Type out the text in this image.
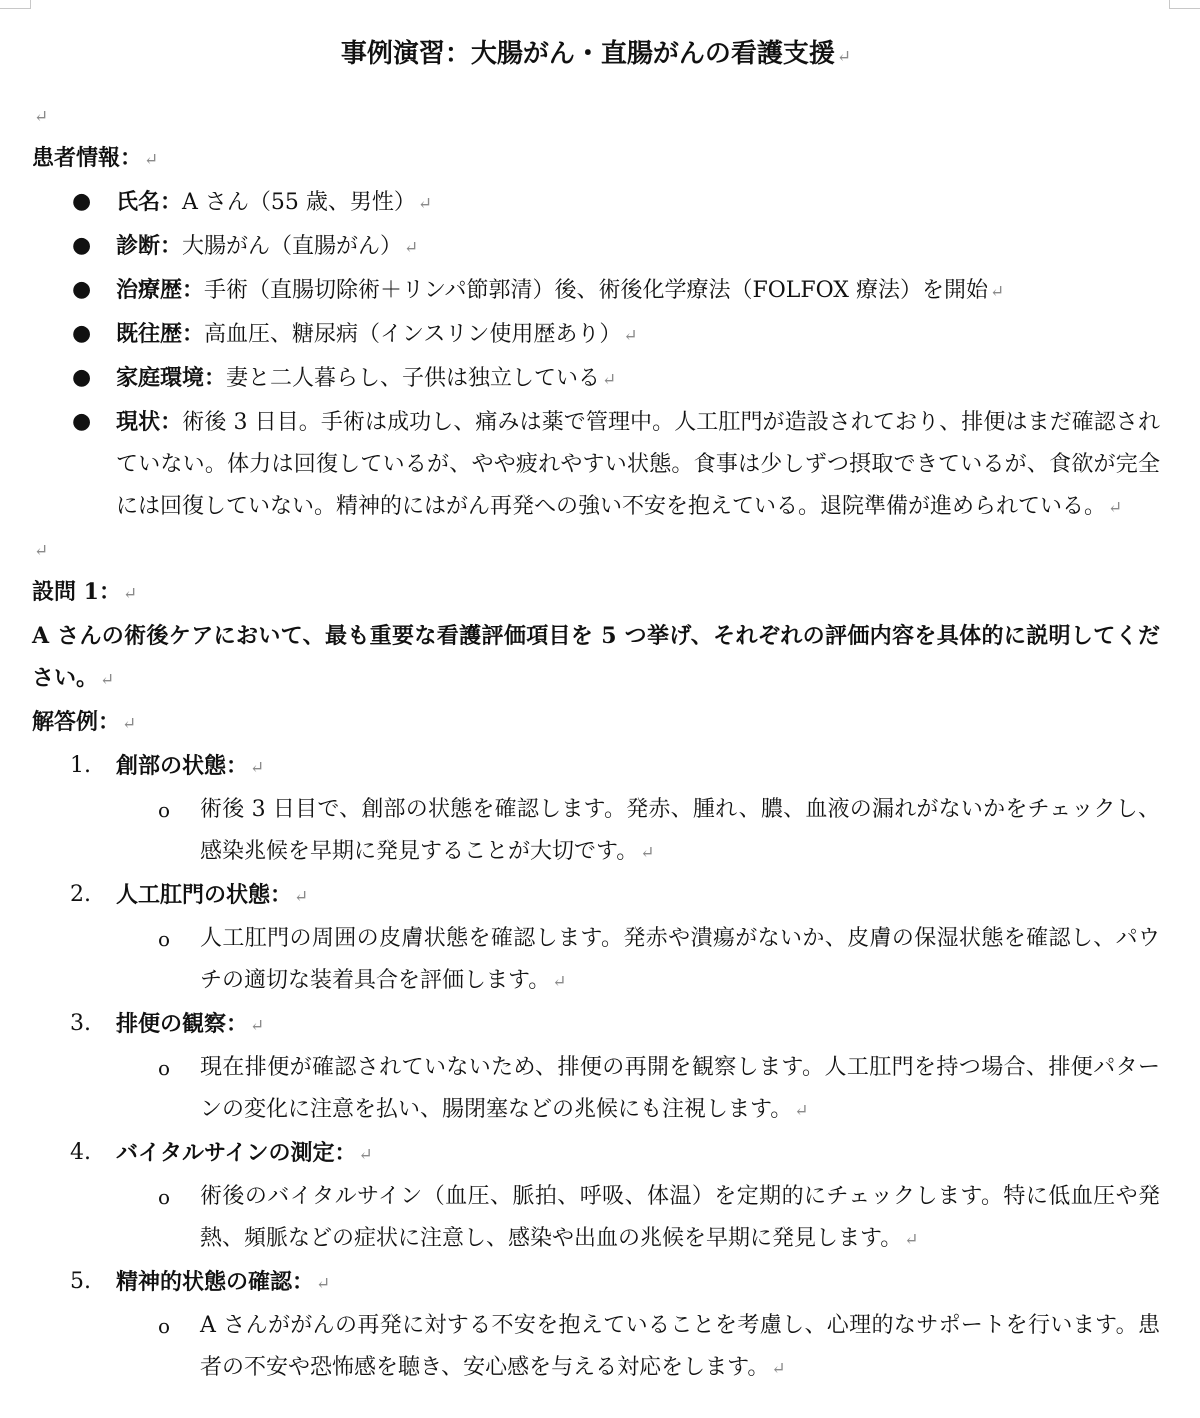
事例演習：大腸がん・直腸がんの看護支援 ↵
↵
患者情報： ↵
● 氏名：A さん（55 歳、男性） ↵
● 診断：大腸がん（直腸がん） ↵
● 治療歴：手術（直腸切除術＋リンパ節郭清）後、術後化学療法（FOLFOX 療法）を開始 ↵
● 既往歴：高血圧、糖尿病（インスリン使用歴あり） ↵
● 家庭環境：妻と二人暮らし、子供は独立している ↵
● 現状：術後 3 日目。手術は成功し、痛みは薬で管理中。人工肛門が造設されており、排便はまだ確認されていない。体力は回復しているが、やや疲れやすい状態。食事は少しずつ摂取できているが、食欲が完全には回復していない。精神的にはがん再発への強い不安を抱えている。退院準備が進められている。 ↵
↵
設問 1： ↵
A さんの術後ケアにおいて、最も重要な看護評価項目を 5 つ挙げ、それぞれの評価内容を具体的に説明してください。 ↵
解答例： ↵
1. 創部の状態： ↵
o 術後 3 日目で、創部の状態を確認します。発赤、腫れ、膿、血液の漏れがないかをチェックし、感染兆候を早期に発見することが大切です。 ↵
2. 人工肛門の状態： ↵
o 人工肛門の周囲の皮膚状態を確認します。発赤や潰瘍がないか、皮膚の保湿状態を確認し、パウチの適切な装着具合を評価します。 ↵
3. 排便の観察： ↵
o 現在排便が確認されていないため、排便の再開を観察します。人工肛門を持つ場合、排便パターンの変化に注意を払い、腸閉塞などの兆候にも注視します。 ↵
4. バイタルサインの測定： ↵
o 術後のバイタルサイン（血圧、脈拍、呼吸、体温）を定期的にチェックします。特に低血圧や発熱、頻脈などの症状に注意し、感染や出血の兆候を早期に発見します。 ↵
5. 精神的状態の確認： ↵
o A さんががんの再発に対する不安を抱えていることを考慮し、心理的なサポートを行います。患者の不安や恐怖感を聴き、安心感を与える対応をします。 ↵
